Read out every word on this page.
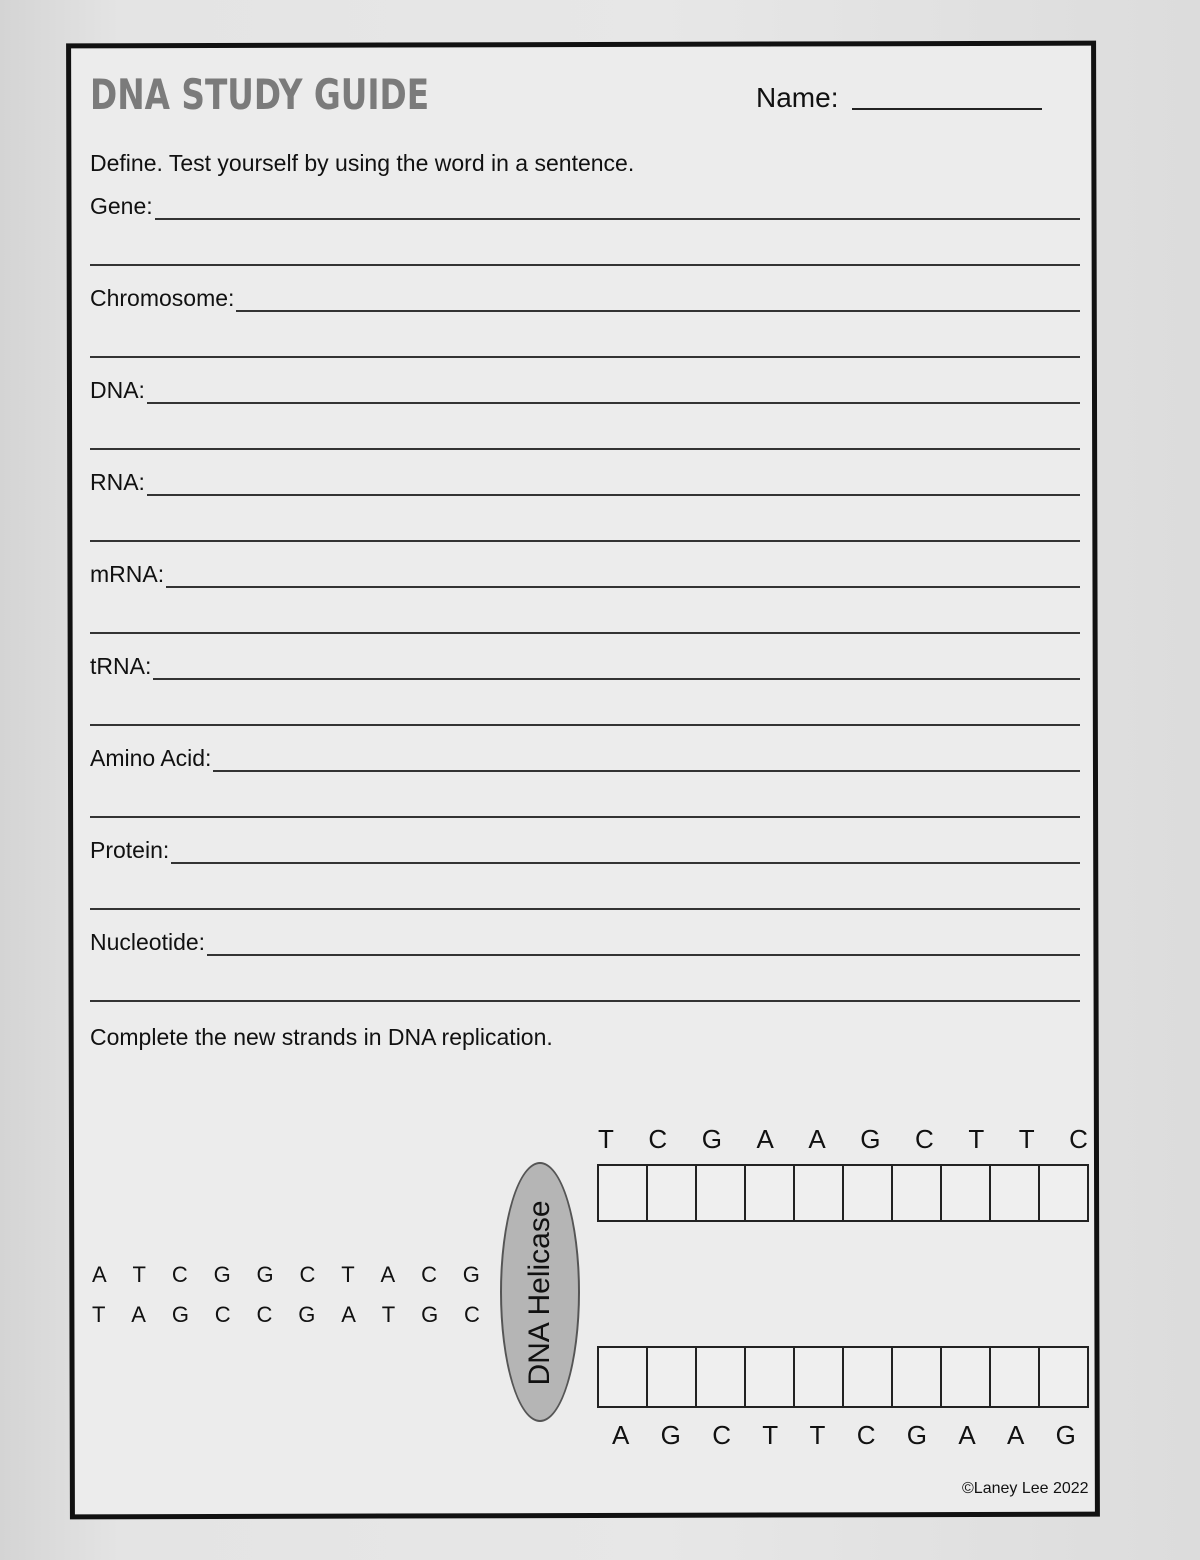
DNA STUDY GUIDE	Name:
Define. Test yourself by using the word in a sentence.
Gene:
Chromosome:
DNA:
RNA:
mRNA:
tRNA:
Amino Acid:
Protein:
Nucleotide:
Complete the new strands in DNA replication.
T C G A A G C T T C
A T C G G C T A C G
T A G C C G A T G C DNA Helicase
A G C T T C G A A G
©Laney Lee 2022
